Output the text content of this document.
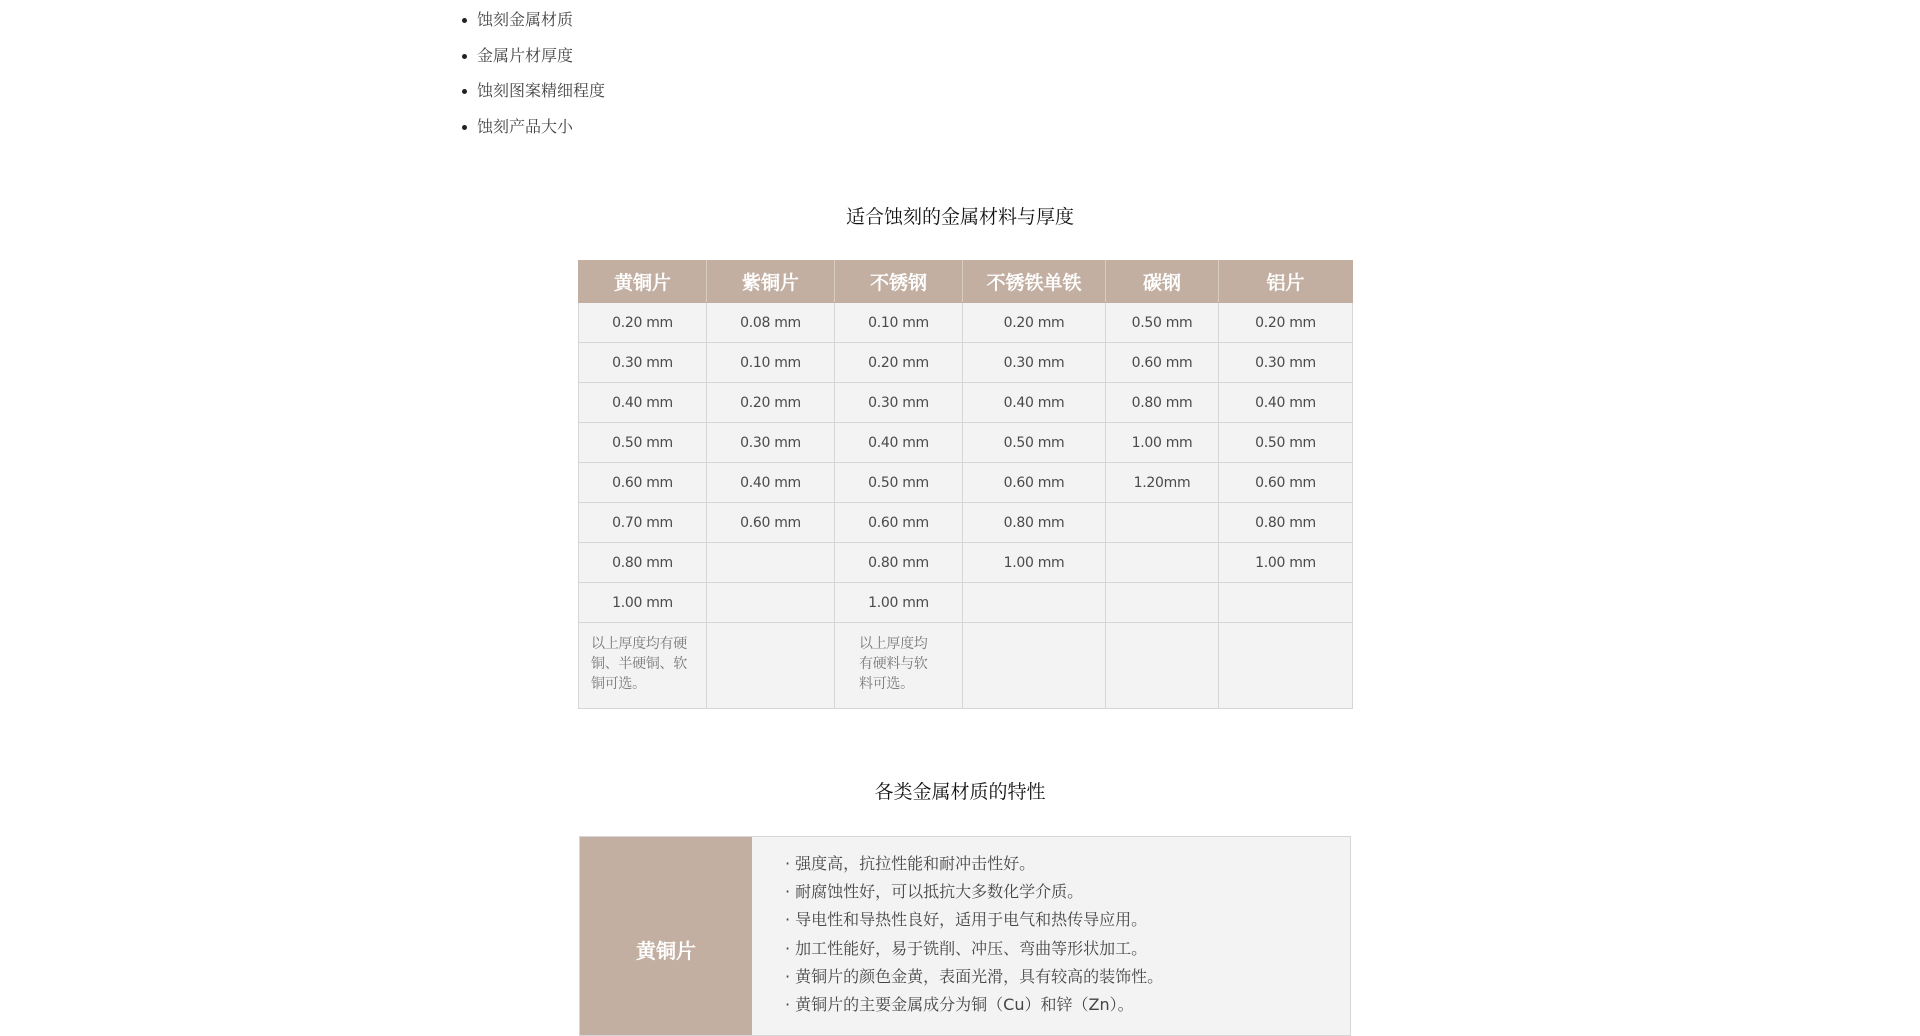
蚀刻金属材质
金属片材厚度
蚀刻图案精细程度
蚀刻产品大小
适合蚀刻的金属材料与厚度
黄铜片	紫铜片	不锈钢	不锈铁单铁	碳钢	铝片
0.20 mm	0.08 mm	0.10 mm	0.20 mm	0.50 mm	0.20 mm
0.30 mm	0.10 mm	0.20 mm	0.30 mm	0.60 mm	0.30 mm
0.40 mm	0.20 mm	0.30 mm	0.40 mm	0.80 mm	0.40 mm
0.50 mm	0.30 mm	0.40 mm	0.50 mm	1.00 mm	0.50 mm
0.60 mm	0.40 mm	0.50 mm	0.60 mm	1.20mm	0.60 mm
0.70 mm	0.60 mm	0.60 mm	0.80 mm		0.80 mm
0.80 mm		0.80 mm	1.00 mm		1.00 mm
1.00 mm		1.00 mm			
以上厚度均有硬铜、半硬铜、软铜可选。		以上厚度均有硬料与软料可选。			
各类金属材质的特性
黄铜片
· 强度高，抗拉性能和耐冲击性好。
· 耐腐蚀性好，可以抵抗大多数化学介质。
· 导电性和导热性良好，适用于电气和热传导应用。
· 加工性能好，易于铣削、冲压、弯曲等形状加工。
· 黄铜片的颜色金黄，表面光滑，具有较高的装饰性。
· 黄铜片的主要金属成分为铜（Cu）和锌（Zn）。
